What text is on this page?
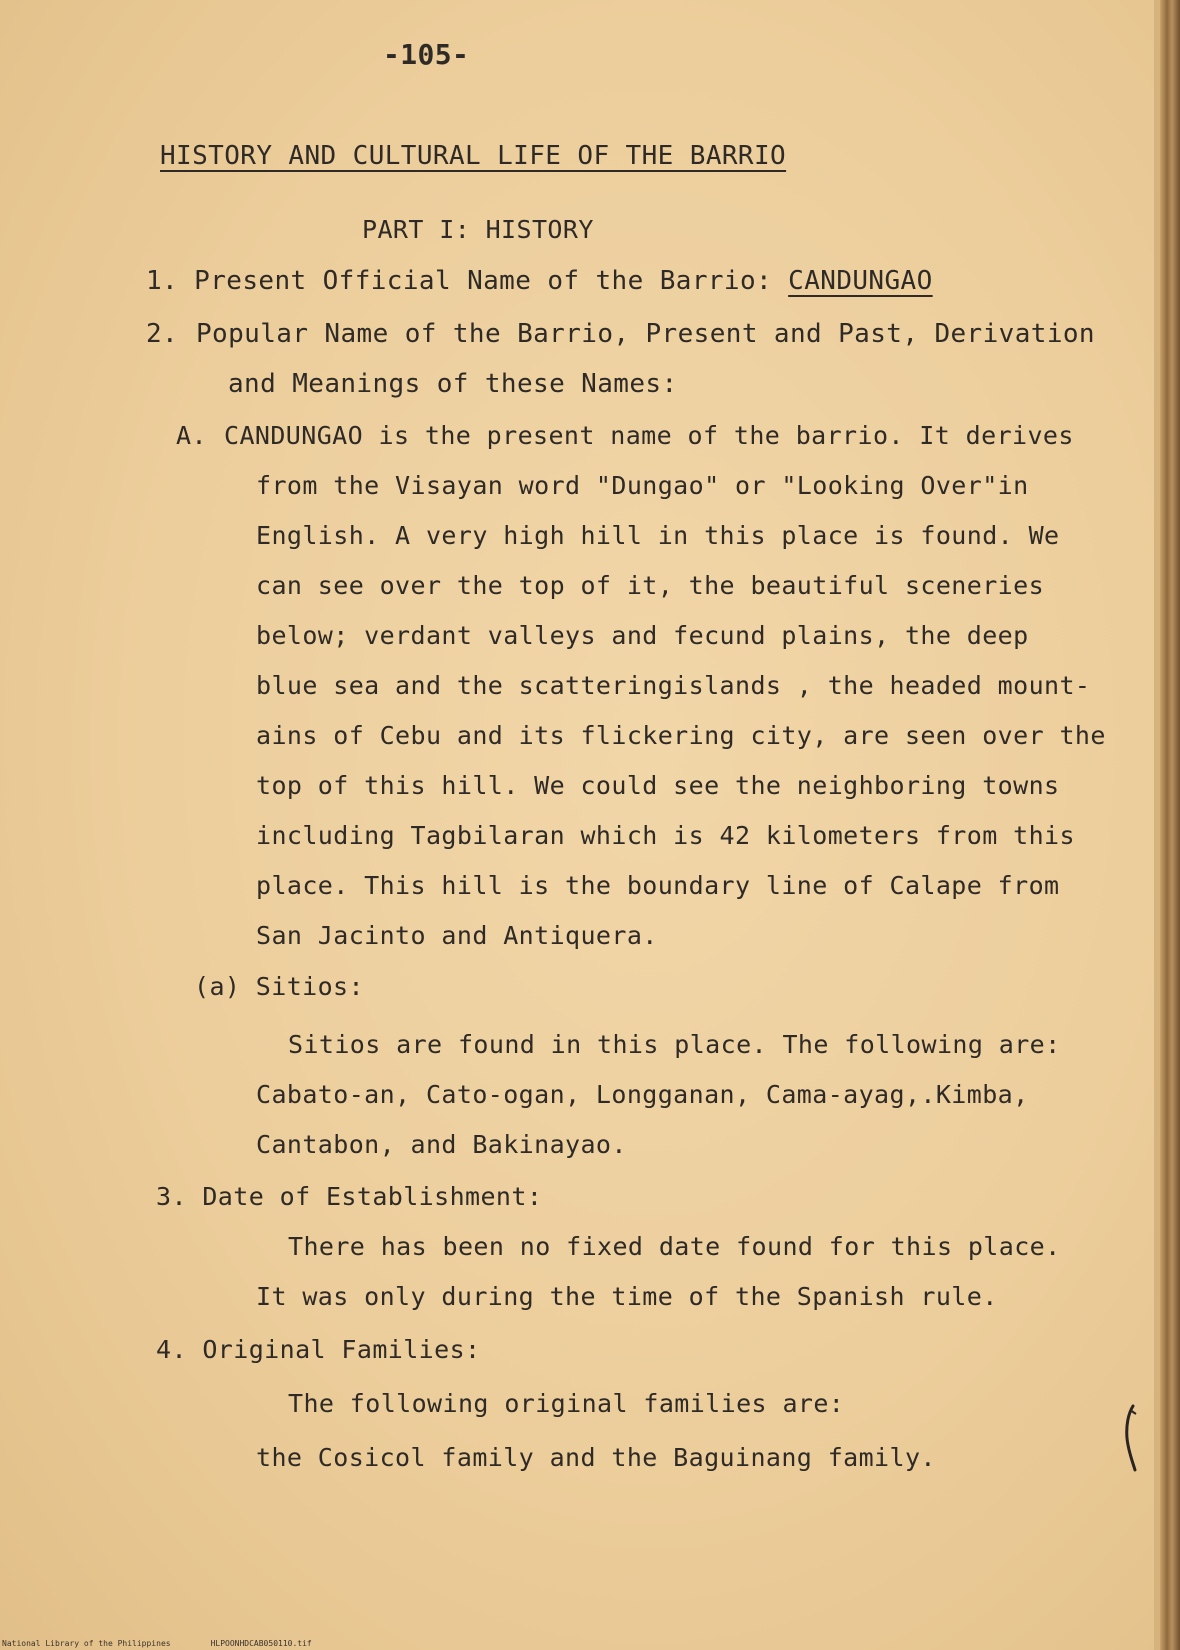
-105-
HISTORY AND CULTURAL LIFE OF THE BARRIO
PART I: HISTORY
1. Present Official Name of the Barrio: CANDUNGAO
2. Popular Name of the Barrio, Present and Past, Derivation
and Meanings of these Names:
A. CANDUNGAO is the present name of the barrio. It derives
from the Visayan word "Dungao" or "Looking Over"in
English. A very high hill in this place is found. We
can see over the top of it, the beautiful sceneries
below; verdant valleys and fecund plains, the deep
blue sea and the scatteringislands , the headed mount-
ains of Cebu and its flickering city, are seen over the
top of this hill. We could see the neighboring towns
including Tagbilaran which is 42 kilometers from this
place. This hill is the boundary line of Calape from
San Jacinto and Antiquera.
(a) Sitios:
Sitios are found in this place. The following are:
Cabato-an, Cato-ogan, Longganan, Cama-ayag,.Kimba,
Cantabon, and Bakinayao.
3. Date of Establishment:
There has been no fixed date found for this place.
It was only during the time of the Spanish rule.
4. Original Families:
The following original families are:
the Cosicol family and the Baguinang family.
National Library of the Philippines	HLPOONHDCAB050110.tif
